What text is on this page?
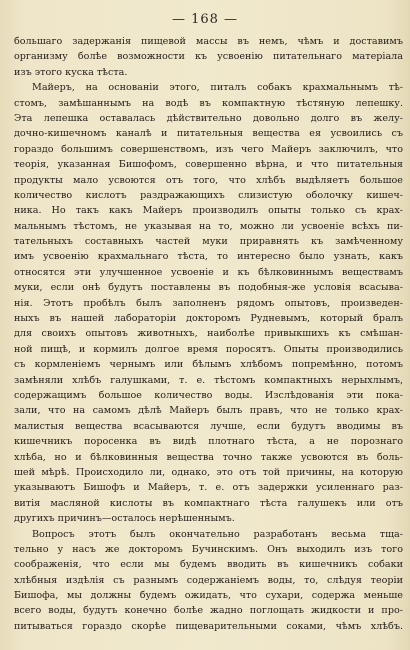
— 168 —
большаго задержанія пищевой массы въ немъ, чѣмъ и доставимъ
организму болѣе возможности къ усвоенію питательнаго матеріала
изъ этого куска тѣста.
Майеръ, на основаніи этого, питалъ собакъ крахмальнымъ тѣ-
стомъ, замѣшаннымъ на водѣ въ компактную тѣстяную лепешку.
Эта лепешка оставалась дѣйствительно довольно долго въ желу-
дочно-кишечномъ каналѣ и питательныя вещества ея усвоились съ
гораздо большимъ совершенствомъ, изъ чего Майеръ заключилъ, что
теорія, указанная Бишофомъ, совершенно вѣрна, и что питательныя
продукты мало усвоются отъ того, что хлѣбъ выдѣляетъ большое
количество кислотъ раздражающихъ слизистую оболочку кишеч-
ника. Но такъ какъ Майеръ производилъ опыты только съ крах-
мальнымъ тѣстомъ, не указывая на то, можно ли усвоеніе всѣхъ пи-
тательныхъ составныхъ частей муки приравнять къ замѣченному
имъ усвоенію крахмальнаго тѣста, то интересно было узнать, какъ
относятся эти улучшенное усвоеніе и къ бѣлковиннымъ веществамъ
муки, если онѣ будутъ поставлены въ подобныя-же условія всасыва-
нія. Этотъ пробѣлъ былъ заполненъ рядомъ опытовъ, произведен-
ныхъ въ нашей лабораторіи докторомъ Рудневымъ, который бралъ
для своихъ опытовъ животныхъ, наиболѣе привыкшихъ къ смѣшан-
ной пищѣ, и кормилъ долгое время поросятъ. Опыты производились
съ кормленіемъ чернымъ или бѣлымъ хлѣбомъ попремѣнно, потомъ
замѣняли хлѣбъ галушками, т. е. тѣстомъ компактныхъ нерыхлымъ,
содержащимъ большое количество воды. Изслѣдованія эти пока-
зали, что на самомъ дѣлѣ Майеръ былъ правъ, что не только крах-
малистыя вещества всасываются лучше, если будутъ вводимы въ
кишечникъ поросенка въ видѣ плотнаго тѣста, а не порознаго
хлѣба, но и бѣлковинныя вещества точно также усвоются въ боль-
шей мѣрѣ. Происходило ли, однако, это отъ той причины, на которую
указываютъ Бишофъ и Майеръ, т. е. отъ задержки усиленнаго раз-
витія масляной кислоты въ компактнаго тѣста галушекъ или отъ
другихъ причинъ—осталось нерѣшеннымъ.
Вопросъ этотъ былъ окончательно разработанъ весьма тща-
тельно у насъ же докторомъ Бучинскимъ. Онъ выходилъ изъ того
соображенія, что если мы будемъ вводить въ кишечникъ собаки
хлѣбныя издѣлія съ разнымъ содержаніемъ воды, то, слѣдуя теоріи
Бишофа, мы должны будемъ ожидать, что сухари, содержа меньше
всего воды, будутъ конечно болѣе жадно поглощать жидкости и про-
питываться гораздо скорѣе пищеварительными соками, чѣмъ хлѣбъ.
